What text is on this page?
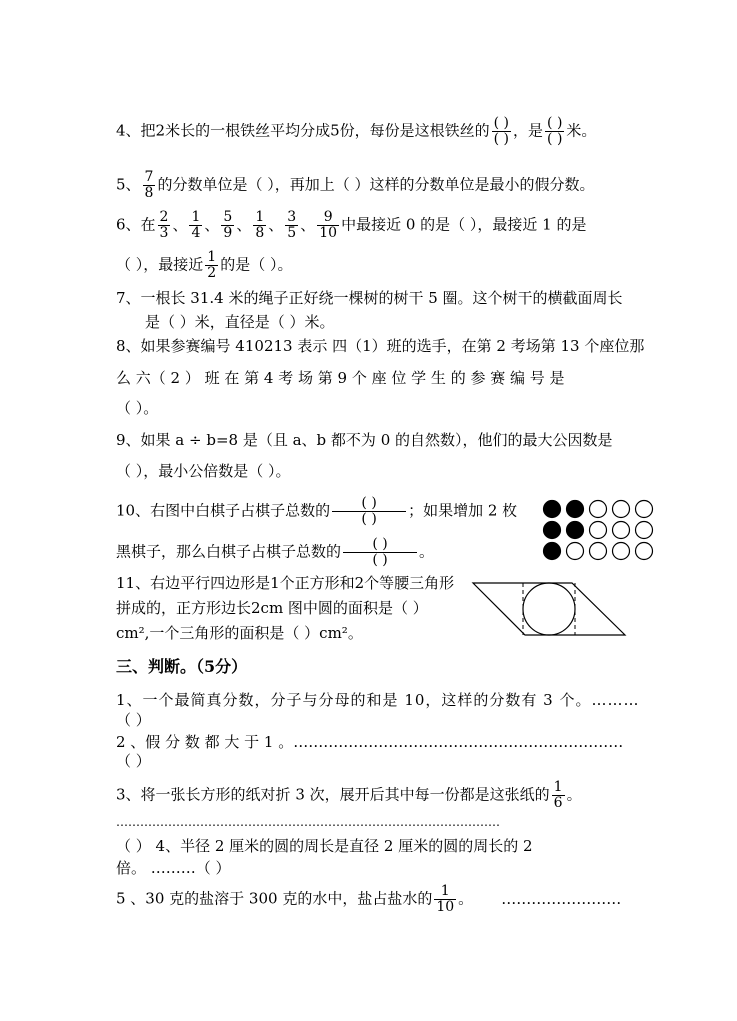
4、把2米长的一根铁丝平均分成5份，每份是这根铁丝的 $\frac{( )}{( )}$ ，是 $\frac{( )}{( )}$ 米。
5、 $\frac{7}{8}$ 的分数单位是（ ），再加上（ ）这样的分数单位是最小的假分数。
6、在 $\frac{2}{3}$ 、 $\frac{1}{4}$ 、 $\frac{5}{9}$ 、 $\frac{1}{8}$ 、 $\frac{3}{5}$ 、 $\frac{9}{10}$ 中最接近 0 的是（ ），最接近 1 的是
（ ），最接近 $\frac{1}{2}$ 的是（ ）。
7、一根长 31.4 米的绳子正好绕一棵树的树干 5 圈。这个树干的横截面周长
是（ ）米，直径是（ ）米。
8、如果参赛编号 410213 表示 四（1）班的选手，在第 2 考场第 13 个座位那
么 六（ 2 ） 班 在 第 4 考 场 第 9 个 座 位 学 生 的 参 赛 编 号 是
（ ）。
9、如果 a ÷ b=8 是（且 a、b 都不为 0 的自然数），他们的最大公因数是
（ ），最小公倍数是（ ）。
10、右图中白棋子占棋子总数的 $\frac{( )}{( )}$ ；如果增加 2 枚
黑棋子，那么白棋子占棋子总数的 $\frac{( )}{( )}$ 。
11、右边平行四边形是1个正方形和2个等腰三角形
拼成的，正方形边长2cm 图中圆的面积是（ ）
cm²,一个三角形的面积是（ ）cm²。
三、判断。（5分）
1、一个最简真分数，分子与分母的和是 10，这样的分数有 3 个。………
（ ）
2 、假 分 数 都 大 于 1 。…………………………………………………………
（ ）
3、将一张长方形的纸对折 3 次，展开后其中每一份都是这张纸的 $\frac{1}{6}$ 。
……………………………………………………………………………………
（ ） 4、半径 2 厘米的圆的周长是直径 2 厘米的圆的周长的 2
倍。 ………（ ）
5 、30 克的盐溶于 300 克的水中，盐占盐水的 $\frac{1}{10}$ 。 ……………………
